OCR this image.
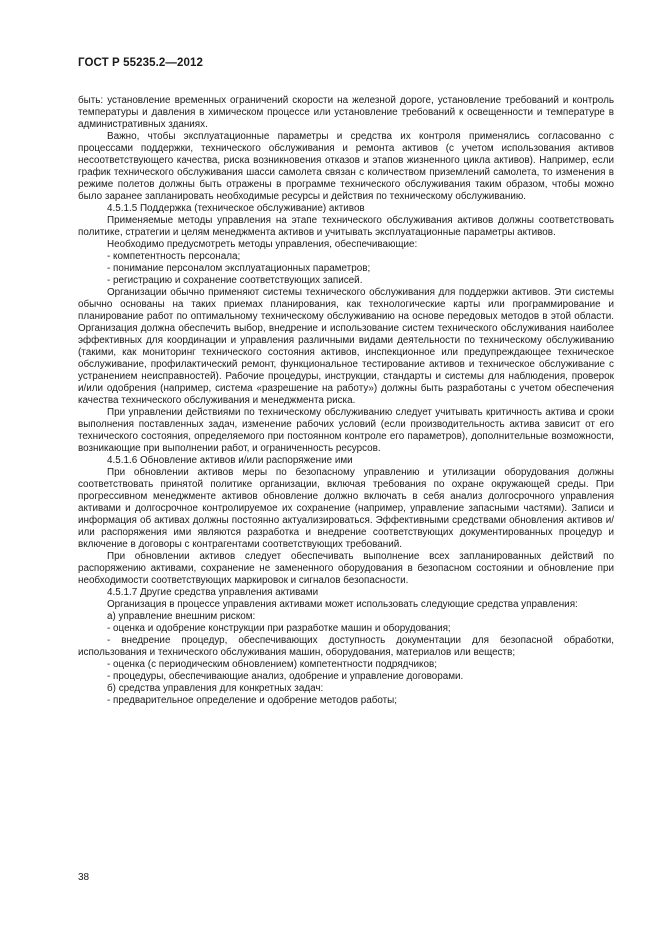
ГОСТ Р 55235.2—2012

быть: установление временных ограничений скорости на железной дороге, установление требований и контроль температуры и давления в химическом процессе или установление требований к освещенности и температуре в административных зданиях.

Важно, чтобы эксплуатационные параметры и средства их контроля применялись согласованно с процессами поддержки, технического обслуживания и ремонта активов (с учетом использования активов несоответствующего качества, риска возникновения отказов и этапов жизненного цикла активов). Например, если график технического обслуживания шасси самолета связан с количеством приземлений самолета, то изменения в режиме полетов должны быть отражены в программе технического обслуживания таким образом, чтобы можно было заранее запланировать необходимые ресурсы и действия по техническому обслуживанию.

4.5.1.5 Поддержка (техническое обслуживание) активов

Применяемые методы управления на этапе технического обслуживания активов должны соответствовать политике, стратегии и целям менеджмента активов и учитывать эксплуатационные параметры активов.

Необходимо предусмотреть методы управления, обеспечивающие:

- компетентность персонала;

- понимание персоналом эксплуатационных параметров;

- регистрацию и сохранение соответствующих записей.

Организации обычно применяют системы технического обслуживания для поддержки активов. Эти системы обычно основаны на таких приемах планирования, как технологические карты или программирование и планирование работ по оптимальному техническому обслуживанию на основе передовых методов в этой области. Организация должна обеспечить выбор, внедрение и использование систем технического обслуживания наиболее эффективных для координации и управления различными видами деятельности по техническому обслуживанию (такими, как мониторинг технического состояния активов, инспекционное или предупреждающее техническое обслуживание, профилактический ремонт, функциональное тестирование активов и техническое обслуживание с устранением неисправностей). Рабочие процедуры, инструкции, стандарты и системы для наблюдения, проверок и/или одобрения (например, система «разрешение на работу») должны быть разработаны с учетом обеспечения качества технического обслуживания и менеджмента риска.

При управлении действиями по техническому обслуживанию следует учитывать критичность актива и сроки выполнения поставленных задач, изменение рабочих условий (если производительность актива зависит от его технического состояния, определяемого при постоянном контроле его параметров), дополнительные возможности, возникающие при выполнении работ, и ограниченность ресурсов.

4.5.1.6 Обновление активов и/или распоряжение ими

При обновлении активов меры по безопасному управлению и утилизации оборудования должны соответствовать принятой политике организации, включая требования по охране окружающей среды. При прогрессивном менеджменте активов обновление должно включать в себя анализ долгосрочного управления активами и долгосрочное контролируемое их сохранение (например, управление запасными частями). Записи и информация об активах должны постоянно актуализироваться. Эффективными средствами обновления активов и/или распоряжения ими являются разработка и внедрение соответствующих документированных процедур и включение в договоры с контрагентами соответствующих требований.

При обновлении активов следует обеспечивать выполнение всех запланированных действий по распоряжению активами, сохранение не замененного оборудования в безопасном состоянии и обновление при необходимости соответствующих маркировок и сигналов безопасности.

4.5.1.7 Другие средства управления активами

Организация в процессе управления активами может использовать следующие средства управления:

а) управление внешним риском:

- оценка и одобрение конструкции при разработке машин и оборудования;

- внедрение процедур, обеспечивающих доступность документации для безопасной обработки, использования и технического обслуживания машин, оборудования, материалов или веществ;

- оценка (с периодическим обновлением) компетентности подрядчиков;

- процедуры, обеспечивающие анализ, одобрение и управление договорами.

б) средства управления для конкретных задач:

- предварительное определение и одобрение методов работы;

38
